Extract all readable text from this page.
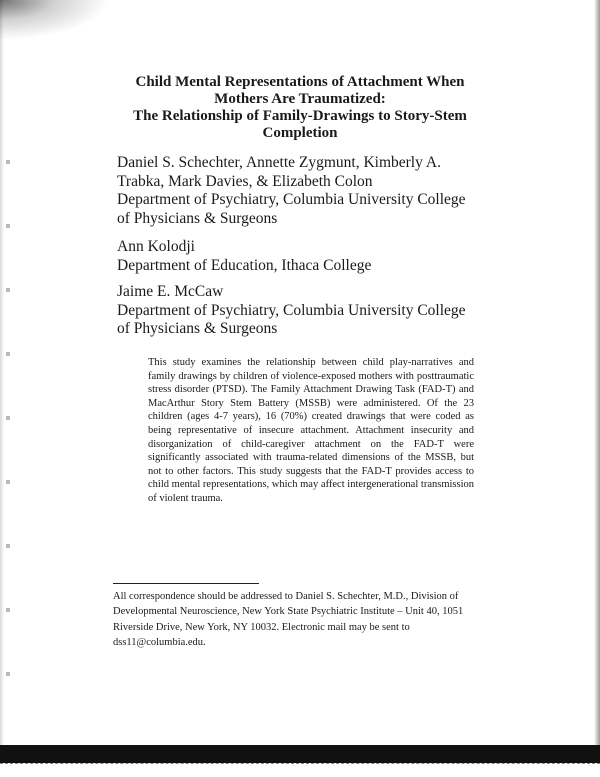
Child Mental Representations of Attachment When
Mothers Are Traumatized:
The Relationship of Family-Drawings to Story-Stem
Completion
Daniel S. Schechter, Annette Zygmunt, Kimberly A.
Trabka, Mark Davies, & Elizabeth Colon
Department of Psychiatry, Columbia University College
of Physicians & Surgeons
Ann Kolodji
Department of Education, Ithaca College
Jaime E. McCaw
Department of Psychiatry, Columbia University College
of Physicians & Surgeons

This study examines the relationship between child play-narratives and family drawings by children of violence-exposed mothers with posttraumatic stress disorder (PTSD). The Family Attachment Drawing Task (FAD-T) and MacArthur Story Stem Battery (MSSB) were administered. Of the 23 children (ages 4-7 years), 16 (70%) created drawings that were coded as being representative of insecure attachment. Attachment insecurity and disorganization of child-caregiver attachment on the FAD-T were significantly associated with trauma-related dimensions of the MSSB, but not to other factors. This study suggests that the FAD-T provides access to child mental representations, which may affect intergenerational transmission of violent trauma.

All correspondence should be addressed to Daniel S. Schechter, M.D., Division of Developmental Neuroscience, New York State Psychiatric Institute – Unit 40, 1051 Riverside Drive, New York, NY 10032. Electronic mail may be sent to dss11@columbia.edu.
